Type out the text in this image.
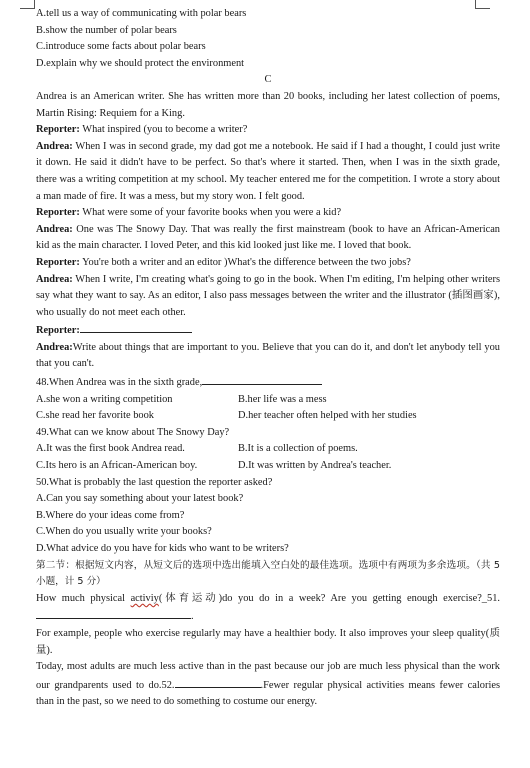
A.tell us a way of communicating with polar bears
B.show the number of polar bears
C.introduce some facts about polar bears
D.explain why we should protect the environment
C
Andrea is an American writer. She has written more than 20 books, including her latest collection of poems, Martin Rising: Requiem for a King.
Reporter: What inspired (you to become a writer?
Andrea: When I was in second grade, my dad got me a notebook. He said if I had a thought, I could just write it down. He said it didn't have to be perfect. So that's where it started. Then, when I was in the sixth grade, there was a writing competition at my school. My teacher entered me for the competition. I wrote a story about a man made of fire. It was a mess, but my story won. I felt good.
Reporter: What were some of your favorite books when you were a kid?
Andrea: One was The Snowy Day. That was really the first mainstream (book to have an African-American kid as the main character. I loved Peter, and this kid looked just like me. I loved that book.
Reporter: You're both a writer and an editor )What's the difference between the two jobs?
Andrea: When I write, I'm creating what's going to go in the book. When I'm editing, I'm helping other writers say what they want to say. As an editor, I also pass messages between the writer and the illustrator (插图画家), who usually do not meet each other.
Reporter:
Andrea:Write about things that are important to you. Believe that you can do it, and don't let anybody tell you that you can't.
48.When Andrea was in the sixth grade,
A.she won a writing competition	B.her life was a mess
C.she read her favorite book	D.her teacher often helped with her studies
49.What can we know about The Snowy Day?
A.It was the first book Andrea read.	B.It is a collection of poems.
C.Its hero is an African-American boy.	D.It was written by Andrea's teacher.
50.What is probably the last question the reporter asked?
A.Can you say something about your latest book?
B.Where do your ideas come from?
C.When do you usually write your books?
D.What advice do you have for kids who want to be writers?
第二节：根据短文内容，从短文后的选项中选出能填入空白处的最佳选项。选项中有两项为多余选项。（共 5 小题，计 5 分）
How much physical activiy(体育运动)do you do in a week? Are you getting enough exercise?_51..
For example, people who exercise regularly may have a healthier body. It also improves your sleep quality(质量).
Today, most adults are much less active than in the past because our job are much less physical than the work our grandparents used to do.52.	.Fewer regular physical activities means fewer calories than in the past, so we need to do something to costume our energy.
